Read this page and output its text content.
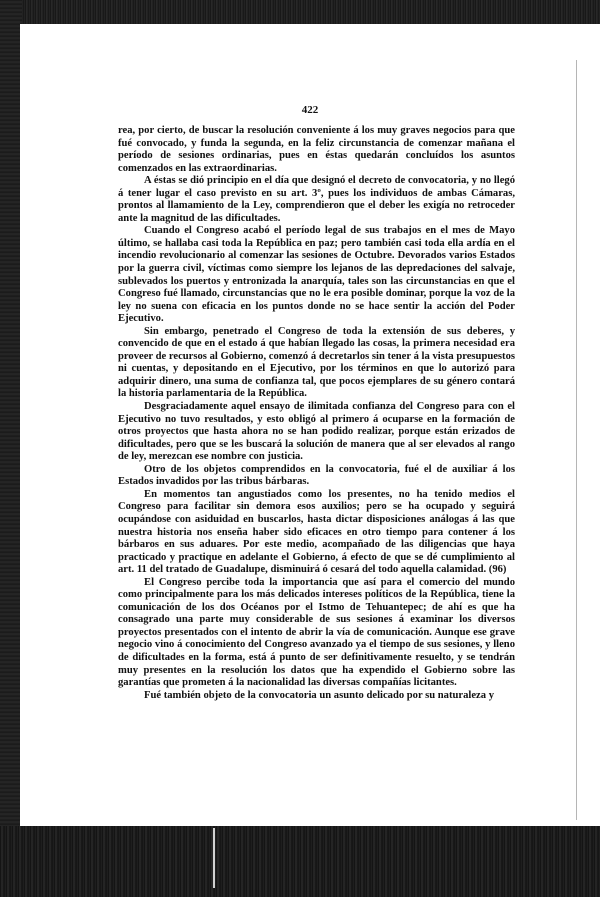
422

rea, por cierto, de buscar la resolución conveniente á los muy graves negocios para que fué convocado, y funda la segunda, en la feliz circunstancia de comenzar mañana el período de sesiones ordinarias, pues en éstas quedarán concluídos los asuntos comenzados en las extraordinarias.

A éstas se dió principio en el día que designó el decreto de convocatoria, y no llegó á tener lugar el caso previsto en su art. 3º, pues los individuos de ambas Cámaras, prontos al llamamiento de la Ley, comprendieron que el deber les exigía no retroceder ante la magnitud de las dificultades.

Cuando el Congreso acabó el período legal de sus trabajos en el mes de Mayo último, se hallaba casi toda la República en paz; pero también casi toda ella ardía en el incendio revolucionario al comenzar las sesiones de Octubre. Devorados varios Estados por la guerra civil, víctimas como siempre los lejanos de las depredaciones del salvaje, sublevados los puertos y entronizada la anarquía, tales son las circunstancias en que el Congreso fué llamado, circunstancias que no le era posible dominar, porque la voz de la ley no suena con eficacia en los puntos donde no se hace sentir la acción del Poder Ejecutivo.

Sin embargo, penetrado el Congreso de toda la extensión de sus deberes, y convencido de que en el estado á que habían llegado las cosas, la primera necesidad era proveer de recursos al Gobierno, comenzó á decretarlos sin tener á la vista presupuestos ni cuentas, y depositando en el Ejecutivo, por los términos en que lo autorizó para adquirir dinero, una suma de confianza tal, que pocos ejemplares de su género contará la historia parlamentaria de la República.

Desgraciadamente aquel ensayo de ilimitada confianza del Congreso para con el Ejecutivo no tuvo resultados, y esto obligó al primero á ocuparse en la formación de otros proyectos que hasta ahora no se han podido realizar, porque están erizados de dificultades, pero que se les buscará la solución de manera que al ser elevados al rango de ley, merezcan ese nombre con justicia.

Otro de los objetos comprendidos en la convocatoria, fué el de auxiliar á los Estados invadidos por las tribus bárbaras.

En momentos tan angustiados como los presentes, no ha tenido medios el Congreso para facilitar sin demora esos auxilios; pero se ha ocupado y seguirá ocupándose con asiduidad en buscarlos, hasta dictar disposiciones análogas á las que nuestra historia nos enseña haber sido eficaces en otro tiempo para contener á los bárbaros en sus aduares. Por este medio, acompañado de las diligencias que haya practicado y practique en adelante el Gobierno, á efecto de que se dé cumplimiento al art. 11 del tratado de Guadalupe, disminuirá ó cesará del todo aquella calamidad. (96)

El Congreso percibe toda la importancia que así para el comercio del mundo como principalmente para los más delicados intereses políticos de la República, tiene la comunicación de los dos Océanos por el Istmo de Tehuantepec; de ahí es que ha consagrado una parte muy considerable de sus sesiones á examinar los diversos proyectos presentados con el intento de abrir la vía de comunicación. Aunque ese grave negocio vino á conocimiento del Congreso avanzado ya el tiempo de sus sesiones, y lleno de dificultades en la forma, está á punto de ser definitivamente resuelto, y se tendrán muy presentes en la resolución los datos que ha expendido el Gobierno sobre las garantías que prometen á la nacionalidad las diversas compañías licitantes.

Fué también objeto de la convocatoria un asunto delicado por su naturaleza y
